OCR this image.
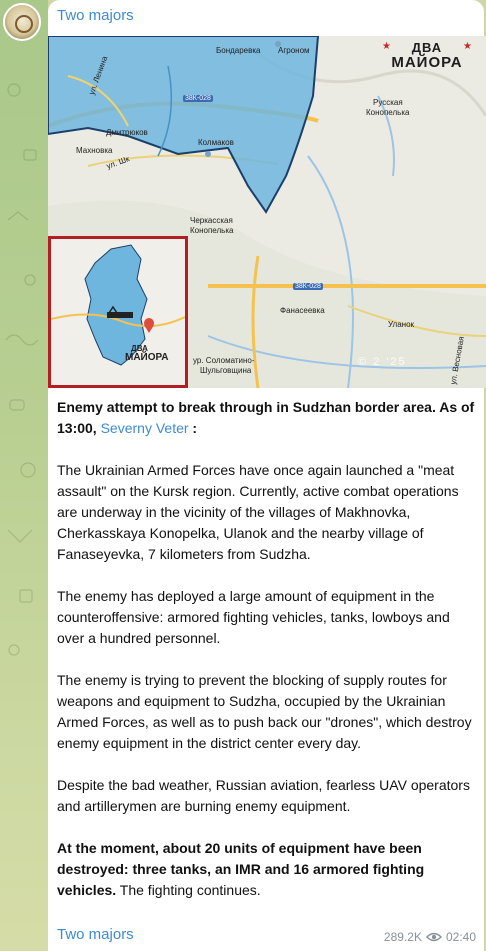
Two majors
Бондаревка Агроном
ул. Ленина
Дмитрюков
Махновка
Колмаков
ул. Шк
Русская
Конопелька
Черкасская
Конопелька
Фанасеевка
Уланок
ур. Соломатино-
Шульговщина	ул. Весновая
38К-028
38К-028
★	ДВА	★
МАЙОРА
ДВА
МАЙОРА	© 2 '25

Enemy attempt to break through in Sudzhan border area. As of 13:00, Severny Veter :

The Ukrainian Armed Forces have once again launched a "meat assault" on the Kursk region. Currently, active combat operations are underway in the vicinity of the villages of Makhnovka, Cherkasskaya Konopelka, Ulanok and the nearby village of Fanaseyevka, 7 kilometers from Sudzha.

The enemy has deployed a large amount of equipment in the counteroffensive: armored fighting vehicles, tanks, lowboys and over a hundred personnel.

The enemy is trying to prevent the blocking of supply routes for weapons and equipment to Sudzha, occupied by the Ukrainian Armed Forces, as well as to push back our "drones", which destroy enemy equipment in the district center every day.

Despite the bad weather, Russian aviation, fearless UAV operators and artillerymen are burning enemy equipment.

At the moment, about 20 units of equipment have been destroyed: three tanks, an IMR and 16 armored fighting vehicles. The fighting continues.

Two majors	289.2K 02:40
